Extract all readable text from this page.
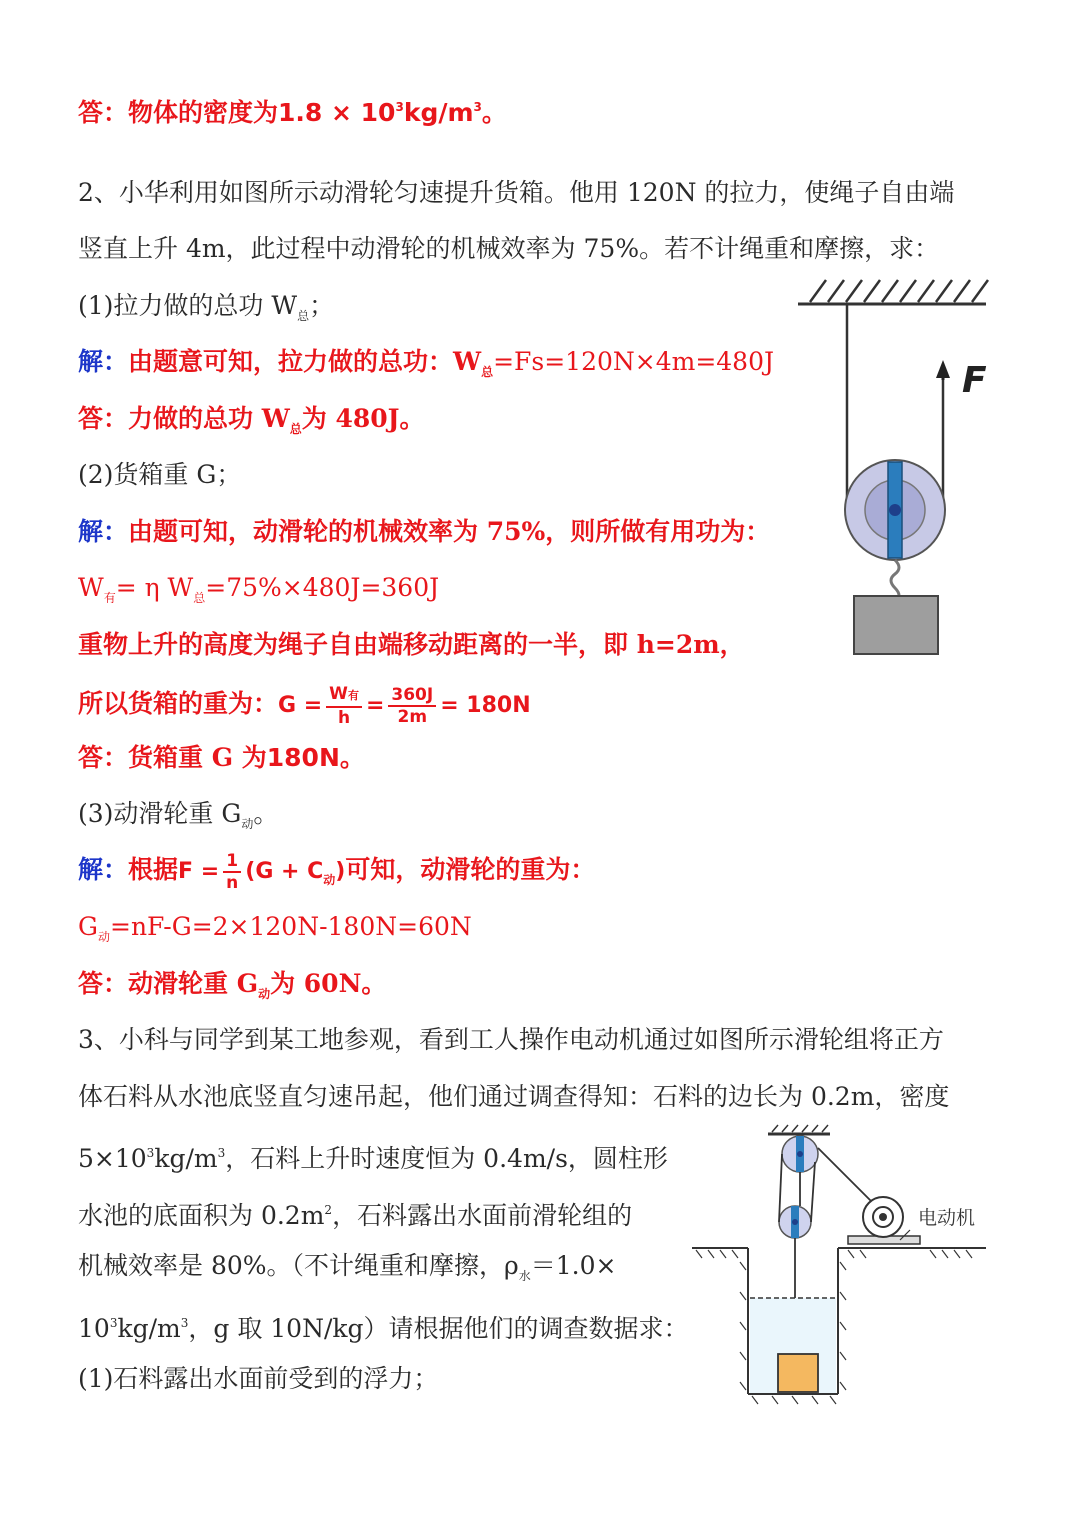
答：物体的密度为$1.8 \times 10^3kg/m^3$。
2、小华利用如图所示动滑轮匀速提升货箱。他用 120N 的拉力，使绳子自由端
竖直上升 4m，此过程中动滑轮的机械效率为 75%。若不计绳重和摩擦，求：
(1)拉力做的总功 $W_总$；
解：由题意可知，拉力做的总功：$W_总=Fs=120N\times 4m=480J$
答：力做的总功 $W_总$为 480J。
(2)货箱重 G；
解：由题可知，动滑轮的机械效率为 75%，则所做有用功为：
$W_有= \eta$ $W_总=75\%\times 480J=360J$
重物上升的高度为绳子自由端移动距离的一半，即 h=2m，
所以货箱的重为：$G = \frac{\text{W有}}{h} = \frac{360J}{2m} = 180N$
答：货箱重 G 为180N。
(3)动滑轮重 $G_动$。
解：根据$F = \frac{1}{n} (G + C_动)$可知，动滑轮的重为：
$G_动=nF-G=2\times 120N-180N=60N$
答：动滑轮重 $G_动$为 60N。
3、小科与同学到某工地参观，看到工人操作电动机通过如图所示滑轮组将正方
体石料从水池底竖直匀速吊起，他们通过调查得知：石料的边长为 0.2m，密度
$5\times 10^3kg/m^3$，石料上升时速度恒为 0.4m/s，圆柱形
水池的底面积为 $0.2m^2$，石料露出水面前滑轮组的
机械效率是 80%。（不计绳重和摩擦，$\rho_水=1.0\times$
$10^3kg/m^3$，g 取 10N/kg）请根据他们的调查数据求：
(1)石料露出水面前受到的浮力；
F
电动机
